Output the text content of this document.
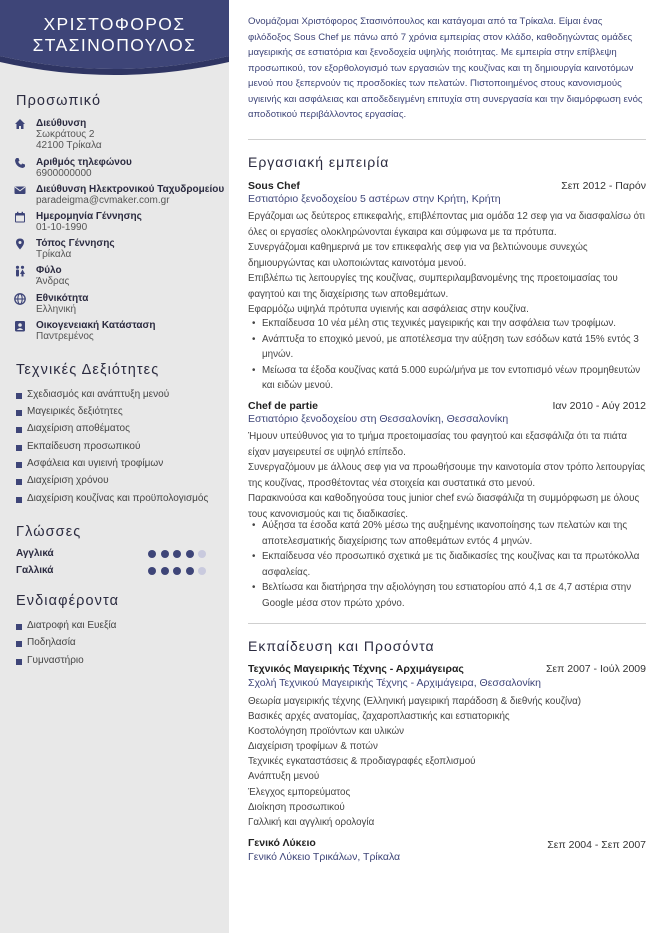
ΧΡΙΣΤΟΦΟΡΟΣ
ΣΤΑΣΙΝΟΠΟΥΛΟΣ
Προσωπικό
Διεύθυνση
Σωκράτους 2
42100 Τρίκαλα
Αριθμός τηλεφώνου
6900000000
Διεύθυνση Ηλεκτρονικού Ταχυδρομείου
paradeigma@cvmaker.com.gr
Ημερομηνία Γέννησης
01-10-1990
Τόπος Γέννησης
Τρίκαλα
Φύλο
Άνδρας
Εθνικότητα
Ελληνική
Οικογενειακή Κατάσταση
Παντρεμένος
Τεχνικές Δεξιότητες
Σχεδιασμός και ανάπτυξη μενού
Μαγειρικές δεξιότητες
Διαχείριση αποθέματος
Εκπαίδευση προσωπικού
Ασφάλεια και υγιεινή τροφίμων
Διαχείριση χρόνου
Διαχείριση κουζίνας και προϋπολογισμός
Γλώσσες
Αγγλικά
Γαλλικά
Ενδιαφέροντα
Διατροφή και Ευεξία
Ποδηλασία
Γυμναστήριο
Ονομάζομαι Χριστόφορος Στασινόπουλος και κατάγομαι από τα Τρίκαλα. Είμαι ένας φιλόδοξος Sous Chef με πάνω από 7 χρόνια εμπειρίας στον κλάδο, καθοδηγώντας ομάδες μαγειρικής σε εστιατόρια και ξενοδοχεία υψηλής ποιότητας. Με εμπειρία στην επίβλεψη προσωπικού, τον εξορθολογισμό των εργασιών της κουζίνας και τη δημιουργία καινοτόμων μενού που ξεπερνούν τις προσδοκίες των πελατών. Πιστοποιημένος στους κανονισμούς υγιεινής και ασφάλειας και αποδεδειγμένη επιτυχία στη συνεργασία και την διαμόρφωση ενός αποδοτικού περιβάλλοντος εργασίας.
Εργασιακή εμπειρία
Sous Chef	Σεπ 2012 - Παρόν
Εστιατόριο ξενοδοχείου 5 αστέρων στην Κρήτη, Κρήτη
Εργάζομαι ως δεύτερος επικεφαλής, επιβλέποντας μια ομάδα 12 σεφ για να διασφαλίσω ότι όλες οι εργασίες ολοκληρώνονται έγκαιρα και σύμφωνα με τα πρότυπα.
Συνεργάζομαι καθημερινά με τον επικεφαλής σεφ για να βελτιώνουμε συνεχώς δημιουργώντας και υλοποιώντας καινοτόμα μενού.
Επιβλέπω τις λειτουργίες της κουζίνας, συμπεριλαμβανομένης της προετοιμασίας του φαγητού και της διαχείρισης των αποθεμάτων.
Εφαρμόζω υψηλά πρότυπα υγιεινής και ασφάλειας στην κουζίνα.
• Εκπαίδευσα 10 νέα μέλη στις τεχνικές μαγειρικής και την ασφάλεια των τροφίμων.
• Ανάπτυξα το εποχικό μενού, με αποτέλεσμα την αύξηση των εσόδων κατά 15% εντός 3 μηνών.
• Μείωσα τα έξοδα κουζίνας κατά 5.000 ευρώ/μήνα με τον εντοπισμό νέων προμηθευτών και ειδών μενού.
Chef de partie	Ιαν 2010 - Αύγ 2012
Εστιατόριο ξενοδοχείου στη Θεσσαλονίκη, Θεσσαλονίκη
Ήμουν υπεύθυνος για το τμήμα προετοιμασίας του φαγητού και εξασφάλιζα ότι τα πιάτα είχαν μαγειρευτεί σε υψηλό επίπεδο.
Συνεργαζόμουν με άλλους σεφ για να προωθήσουμε την καινοτομία στον τρόπο λειτουργίας της κουζίνας, προσθέτοντας νέα στοιχεία και συστατικά στο μενού.
Παρακινούσα και καθοδηγούσα τους junior chef ενώ διασφάλιζα τη συμμόρφωση με όλους τους κανονισμούς και τις διαδικασίες.
• Αύξησα τα έσοδα κατά 20% μέσω της αυξημένης ικανοποίησης των πελατών και της αποτελεσματικής διαχείρισης των αποθεμάτων εντός 4 μηνών.
• Εκπαίδευσα νέο προσωπικό σχετικά με τις διαδικασίες της κουζίνας και τα πρωτόκολλα ασφαλείας.
• Βελτίωσα και διατήρησα την αξιολόγηση του εστιατορίου από 4,1 σε 4,7 αστέρια στην Google μέσα στον πρώτο χρόνο.
Εκπαίδευση και Προσόντα
Τεχνικός Μαγειρικής Τέχνης - Αρχιμάγειρας	Σεπ 2007 - Ιούλ 2009
Σχολή Τεχνικού Μαγειρικής Τέχνης - Αρχιμάγειρα, Θεσσαλονίκη
Θεωρία μαγειρικής τέχνης (Ελληνική μαγειρική παράδοση & διεθνής κουζίνα)
Βασικές αρχές ανατομίας, ζαχαροπλαστικής και εστιατορικής
Κοστολόγηση προϊόντων και υλικών
Διαχείριση τροφίμων & ποτών
Τεχνικές εγκαταστάσεις & προδιαγραφές εξοπλισμού
Ανάπτυξη μενού
Έλεγχος εμπορεύματος
Διοίκηση προσωπικού
Γαλλική και αγγλική ορολογία
Γενικό Λύκειο	Σεπ 2004 - Σεπ 2007
Γενικό Λύκειο Τρικάλων, Τρίκαλα
